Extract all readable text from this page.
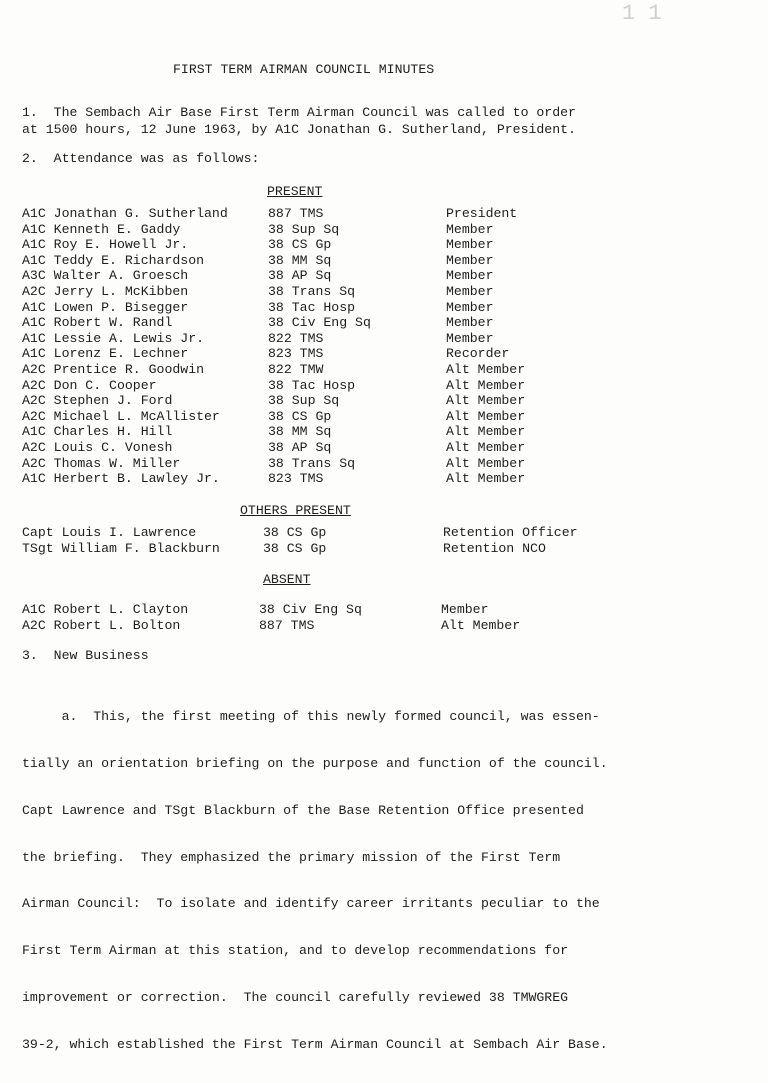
1 1
FIRST TERM AIRMAN COUNCIL MINUTES
1.  The Sembach Air Base First Term Airman Council was called to order
at 1500 hours, 12 June 1963, by A1C Jonathan G. Sutherland, President.
2.  Attendance was as follows:
PRESENT
A1C Jonathan G. Sutherland	887 TMS	President
A1C Kenneth E. Gaddy	38 Sup Sq	Member
A1C Roy E. Howell Jr.	38 CS Gp	Member
A1C Teddy E. Richardson	38 MM Sq	Member
A3C Walter A. Groesch	38 AP Sq	Member
A2C Jerry L. McKibben	38 Trans Sq	Member
A1C Lowen P. Bisegger	38 Tac Hosp	Member
A1C Robert W. Randl	38 Civ Eng Sq	Member
A1C Lessie A. Lewis Jr.	822 TMS	Member
A1C Lorenz E. Lechner	823 TMS	Recorder
A2C Prentice R. Goodwin	822 TMW	Alt Member
A2C Don C. Cooper	38 Tac Hosp	Alt Member
A2C Stephen J. Ford	38 Sup Sq	Alt Member
A2C Michael L. McAllister	38 CS Gp	Alt Member
A1C Charles H. Hill	38 MM Sq	Alt Member
A2C Louis C. Vonesh	38 AP Sq	Alt Member
A2C Thomas W. Miller	38 Trans Sq	Alt Member
A1C Herbert B. Lawley Jr.	823 TMS	Alt Member
OTHERS PRESENT
Capt Louis I. Lawrence	38 CS Gp	Retention Officer
TSgt William F. Blackburn	38 CS Gp	Retention NCO
ABSENT
A1C Robert L. Clayton	38 Civ Eng Sq	Member
A2C Robert L. Bolton	887 TMS	Alt Member
3.  New Business

a.  This, the first meeting of this newly formed council, was essen-

tially an orientation briefing on the purpose and function of the council.

Capt Lawrence and TSgt Blackburn of the Base Retention Office presented

the briefing.  They emphasized the primary mission of the First Term

Airman Council:  To isolate and identify career irritants peculiar to the

First Term Airman at this station, and to develop recommendations for

improvement or correction.  The council carefully reviewed 38 TMWGREG

39-2, which established the First Term Airman Council at Sembach Air Base.
